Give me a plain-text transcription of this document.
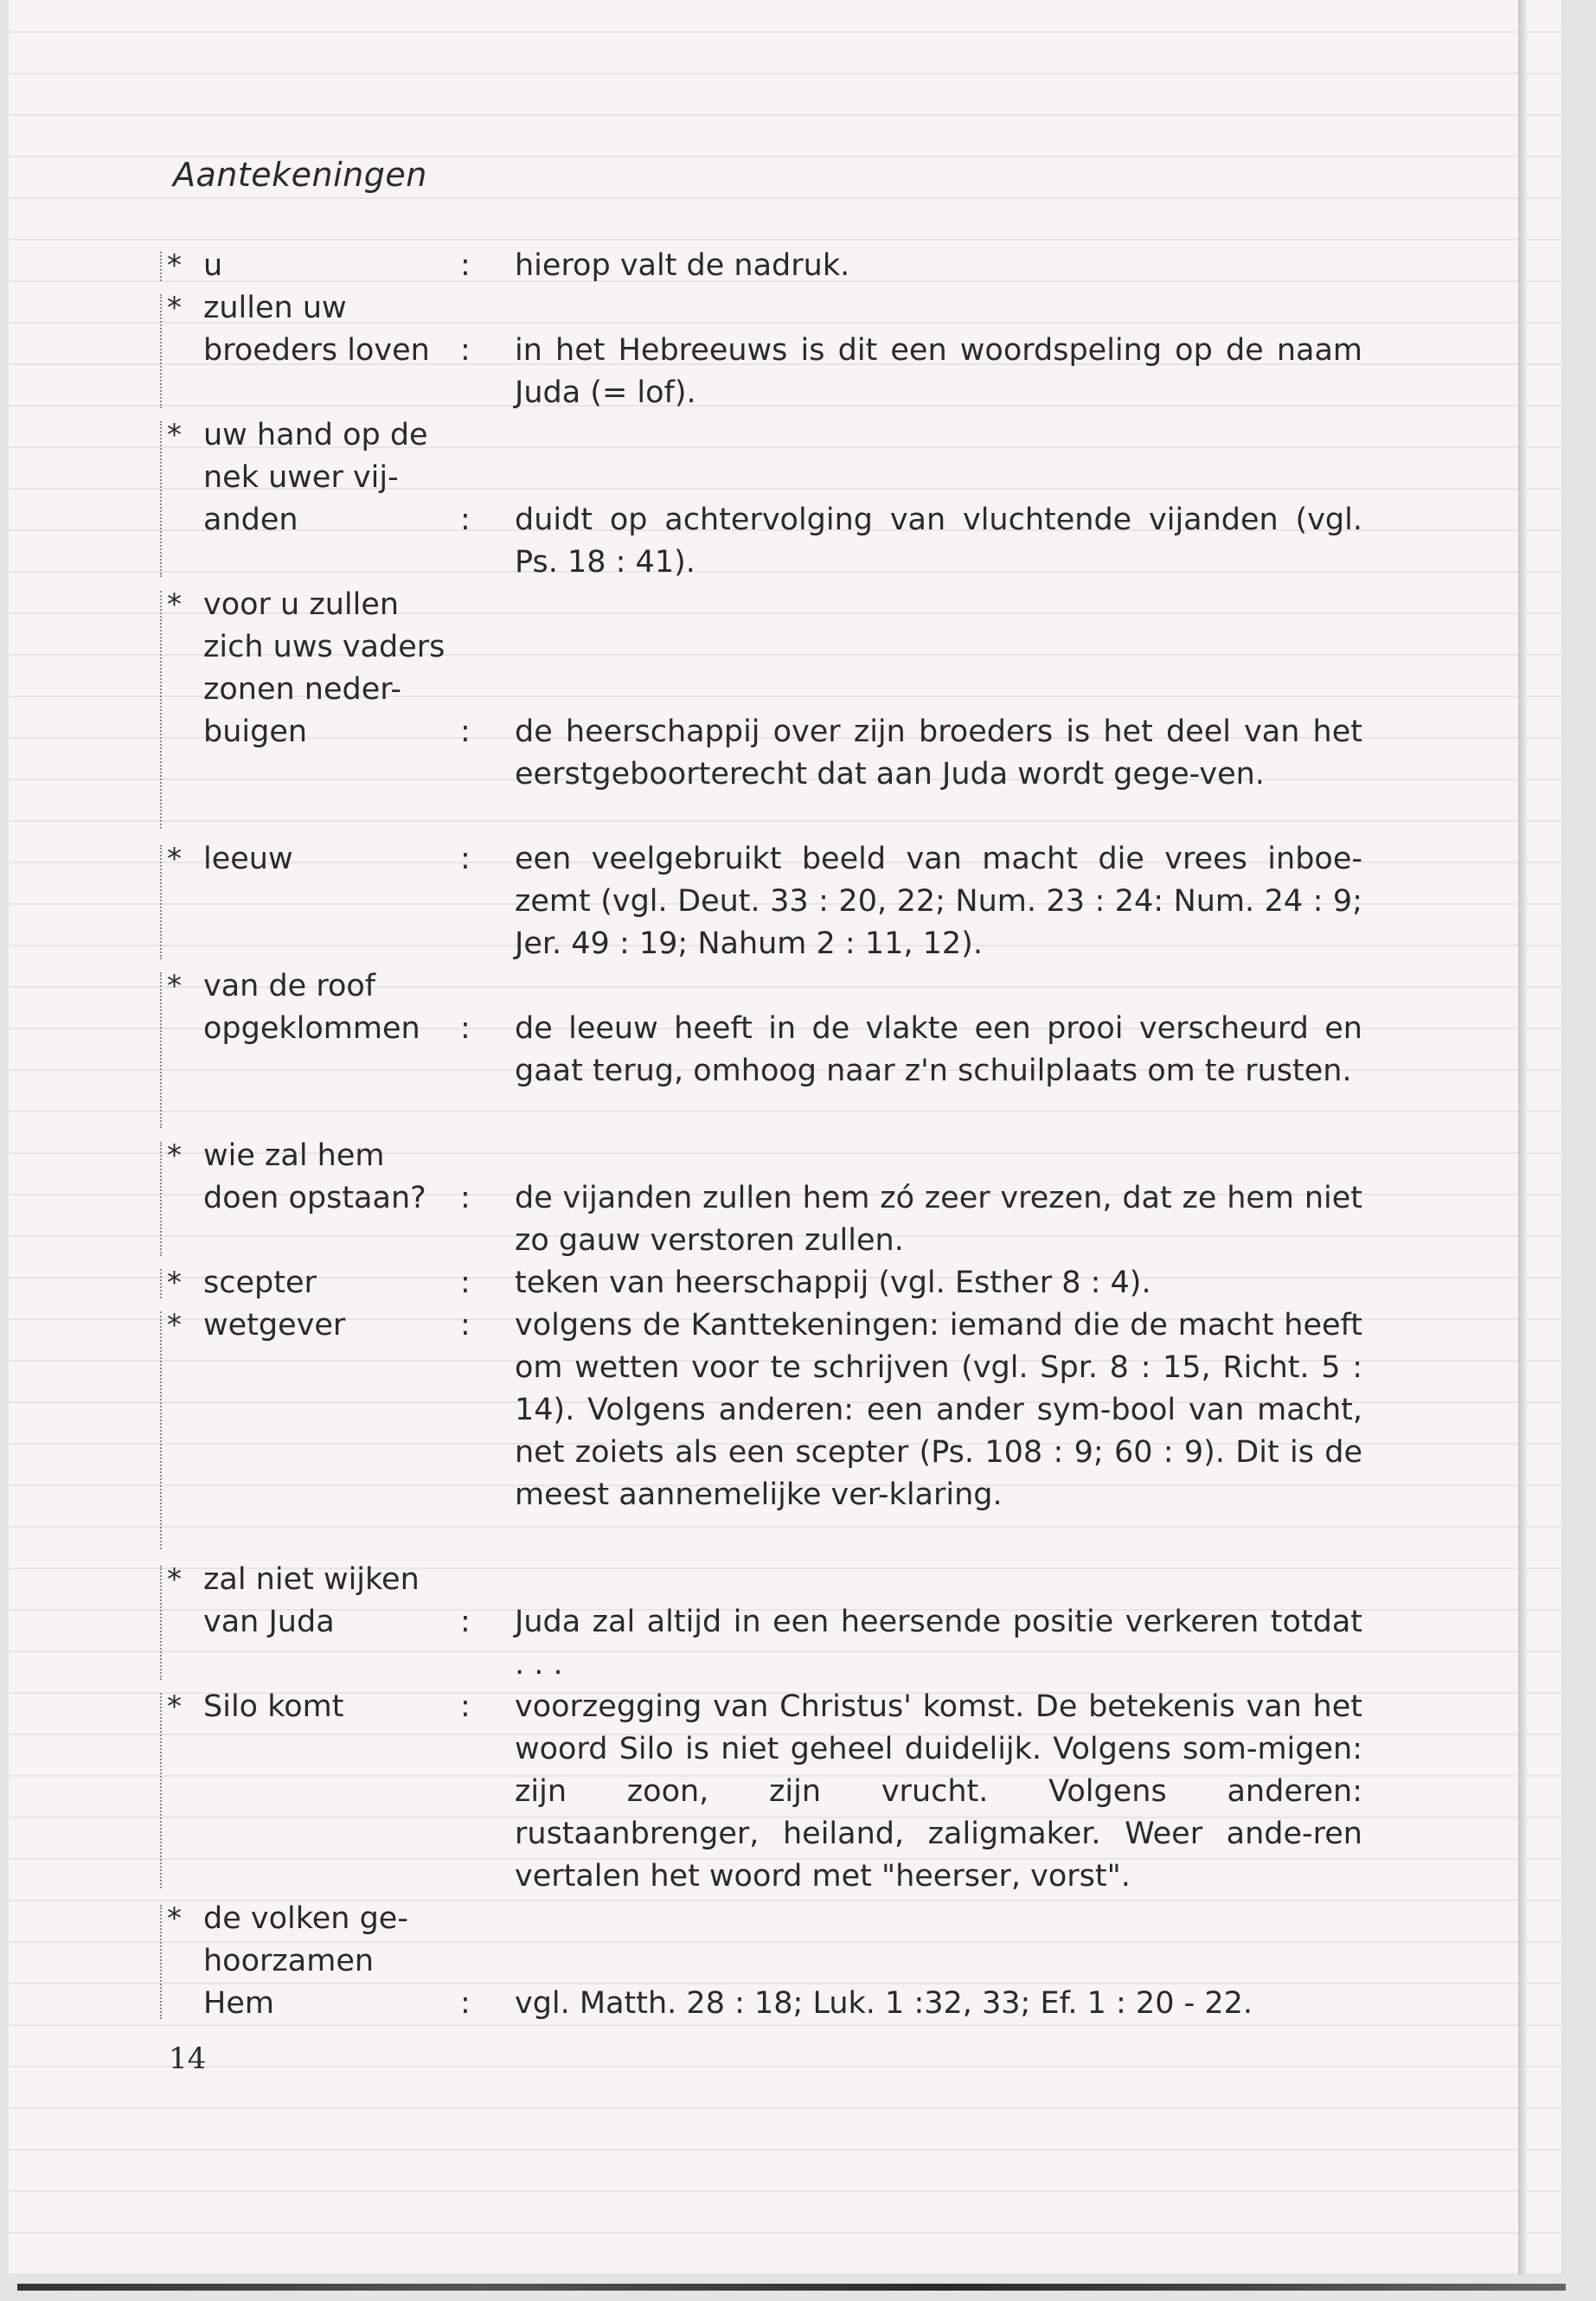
Aantekeningen
* u	: hierop valt de nadruk.
* zullen uw
broeders loven	: in het Hebreeuws is dit een woordspeling op de naam Juda (= lof).
* uw hand op de
nek uwer vij-
anden	: duidt op achtervolging van vluchtende vijanden (vgl. Ps. 18 : 41).
* voor u zullen
zich uws vaders
zonen neder-
buigen	: de heerschappij over zijn broeders is het deel van het eerstgeboorterecht dat aan Juda wordt gege-ven.
* leeuw	: een veelgebruikt beeld van macht die vrees inboe-zemt (vgl. Deut. 33 : 20, 22; Num. 23 : 24: Num. 24 : 9; Jer. 49 : 19; Nahum 2 : 11, 12).
* van de roof
opgeklommen	: de leeuw heeft in de vlakte een prooi verscheurd en gaat terug, omhoog naar z'n schuilplaats om te rusten.
* wie zal hem
doen opstaan?	: de vijanden zullen hem zó zeer vrezen, dat ze hem niet zo gauw verstoren zullen.
* scepter	: teken van heerschappij (vgl. Esther 8 : 4).
* wetgever	: volgens de Kanttekeningen: iemand die de macht heeft om wetten voor te schrijven (vgl. Spr. 8 : 15, Richt. 5 : 14). Volgens anderen: een ander sym-bool van macht, net zoiets als een scepter (Ps. 108 : 9; 60 : 9). Dit is de meest aannemelijke ver-klaring.
* zal niet wijken
van Juda	: Juda zal altijd in een heersende positie verkeren totdat . . .
* Silo komt	: voorzegging van Christus' komst. De betekenis van het woord Silo is niet geheel duidelijk. Volgens som-migen: zijn zoon, zijn vrucht. Volgens anderen: rustaanbrenger, heiland, zaligmaker. Weer ande-ren vertalen het woord met "heerser, vorst".
* de volken ge-
hoorzamen
Hem	: vgl. Matth. 28 : 18; Luk. 1 :32, 33; Ef. 1 : 20 - 22.
14
